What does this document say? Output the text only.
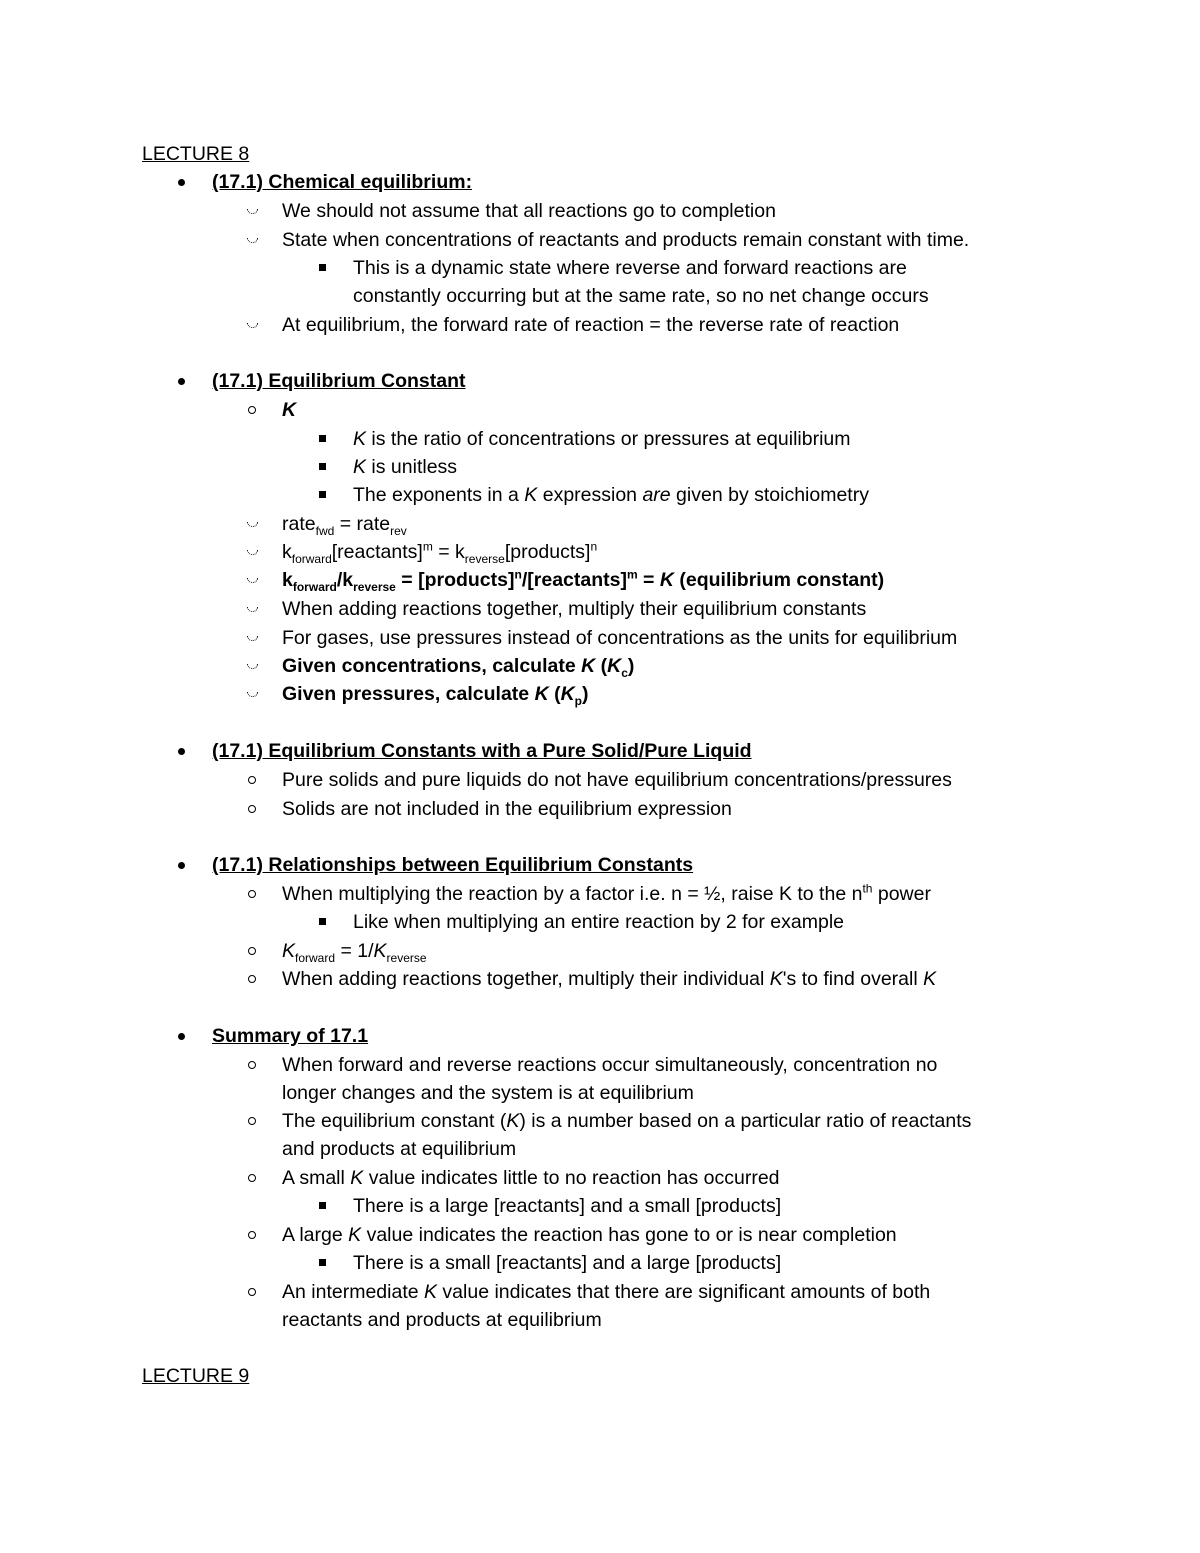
LECTURE 8
(17.1) Chemical equilibrium:
We should not assume that all reactions go to completion
State when concentrations of reactants and products remain constant with time.
This is a dynamic state where reverse and forward reactions are
constantly occurring but at the same rate, so no net change occurs
At equilibrium, the forward rate of reaction = the reverse rate of reaction
(17.1) Equilibrium Constant
K
K is the ratio of concentrations or pressures at equilibrium
K is unitless
The exponents in a K expression are given by stoichiometry
rate$_{fwd}$ = rate$_{rev}$
$k_{forward}[reactants]^m$ = $k_{reverse}[products]^n$
$k_{forward}/k_{reverse}$ = [products]$^n$/[reactants]$^m$ = K (equilibrium constant)
When adding reactions together, multiply their equilibrium constants
For gases, use pressures instead of concentrations as the units for equilibrium
Given concentrations, calculate K $(K_c)$
Given pressures, calculate K $(K_p)$
(17.1) Equilibrium Constants with a Pure Solid/Pure Liquid
Pure solids and pure liquids do not have equilibrium concentrations/pressures
Solids are not included in the equilibrium expression
(17.1) Relationships between Equilibrium Constants
When multiplying the reaction by a factor i.e. n = ½, raise K to the $n^{th}$ power
Like when multiplying an entire reaction by 2 for example
$K_{forward} = 1/K_{reverse}$
When adding reactions together, multiply their individual K's to find overall K
Summary of 17.1
When forward and reverse reactions occur simultaneously, concentration no
longer changes and the system is at equilibrium
The equilibrium constant (K) is a number based on a particular ratio of reactants
and products at equilibrium
A small K value indicates little to no reaction has occurred
There is a large [reactants] and a small [products]
A large K value indicates the reaction has gone to or is near completion
There is a small [reactants] and a large [products]
An intermediate K value indicates that there are significant amounts of both
reactants and products at equilibrium
LECTURE 9
